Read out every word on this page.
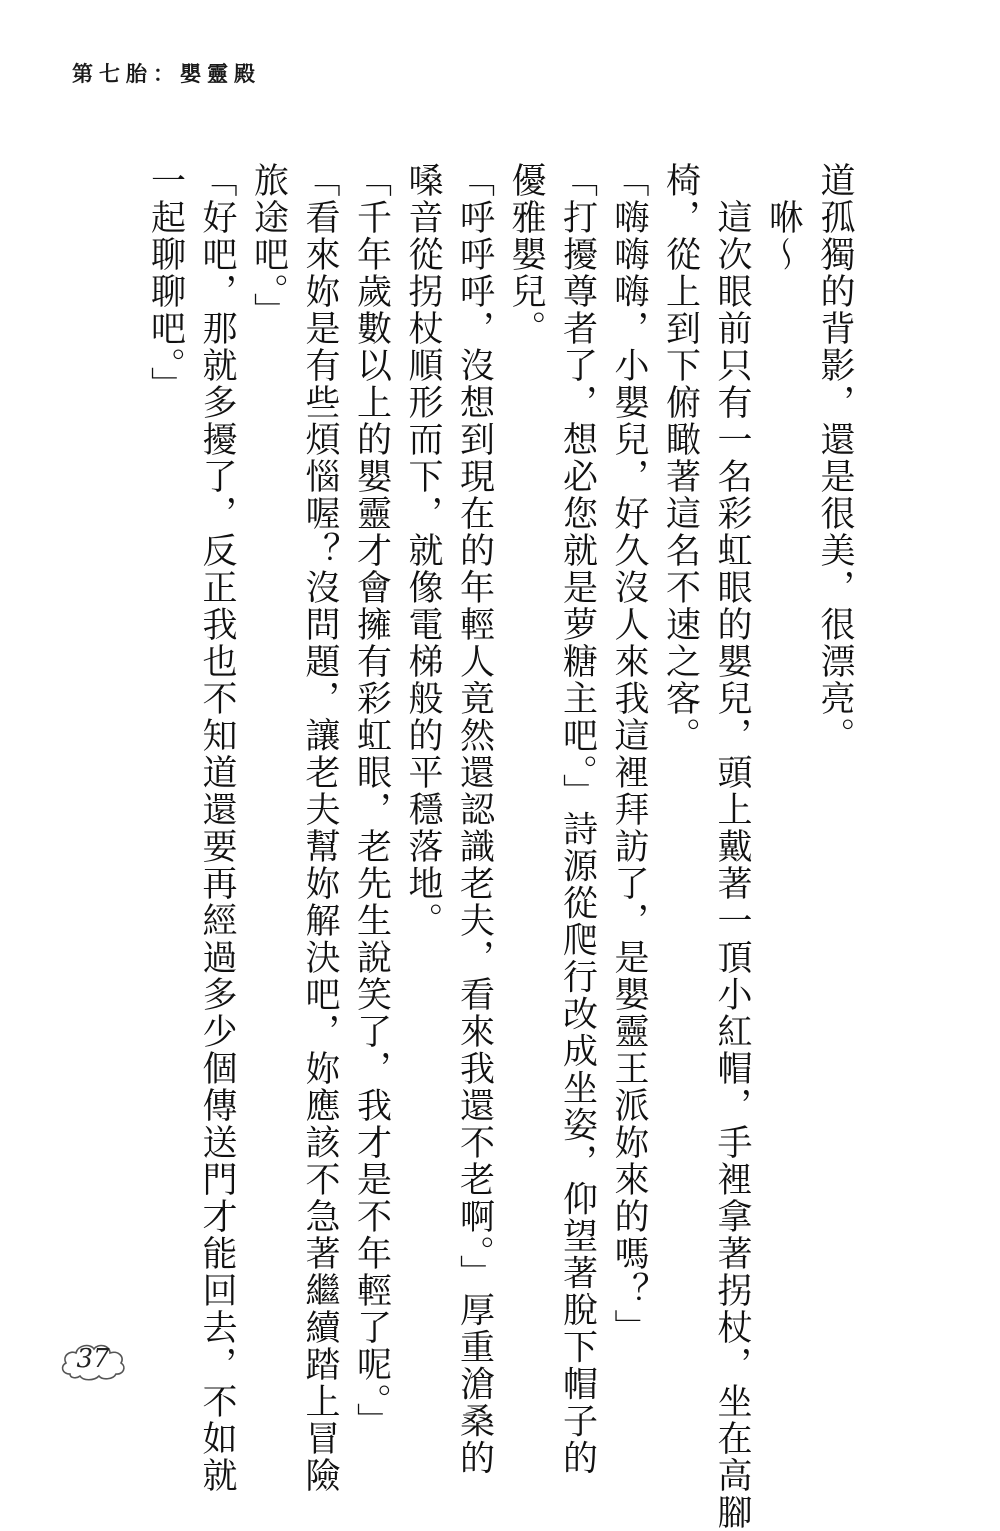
第七胎：嬰靈殿

道孤獨的背影，還是很美，很漂亮。

　咻～

　這次眼前只有一名彩虹眼的嬰兒，頭上戴著一頂小紅帽，手裡拿著拐杖，坐在高腳

椅，從上到下俯瞰著這名不速之客。

「嗨嗨嗨，小嬰兒，好久沒人來我這裡拜訪了，是嬰靈王派妳來的嗎？」

「打擾尊者了，想必您就是萝糖主吧。」詩源從爬行改成坐姿，仰望著脫下帽子的

優雅嬰兒。

「呼呼呼，沒想到現在的年輕人竟然還認識老夫，看來我還不老啊。」厚重滄桑的

嗓音從拐杖順形而下，就像電梯般的平穩落地。

「千年歲數以上的嬰靈才會擁有彩虹眼，老先生說笑了，我才是不年輕了呢。」

「看來妳是有些煩惱喔？沒問題，讓老夫幫妳解決吧，妳應該不急著繼續踏上冒險

旅途吧。」

「好吧，那就多擾了，反正我也不知道還要再經過多少個傳送門才能回去，不如就

一起聊聊吧。」

37
